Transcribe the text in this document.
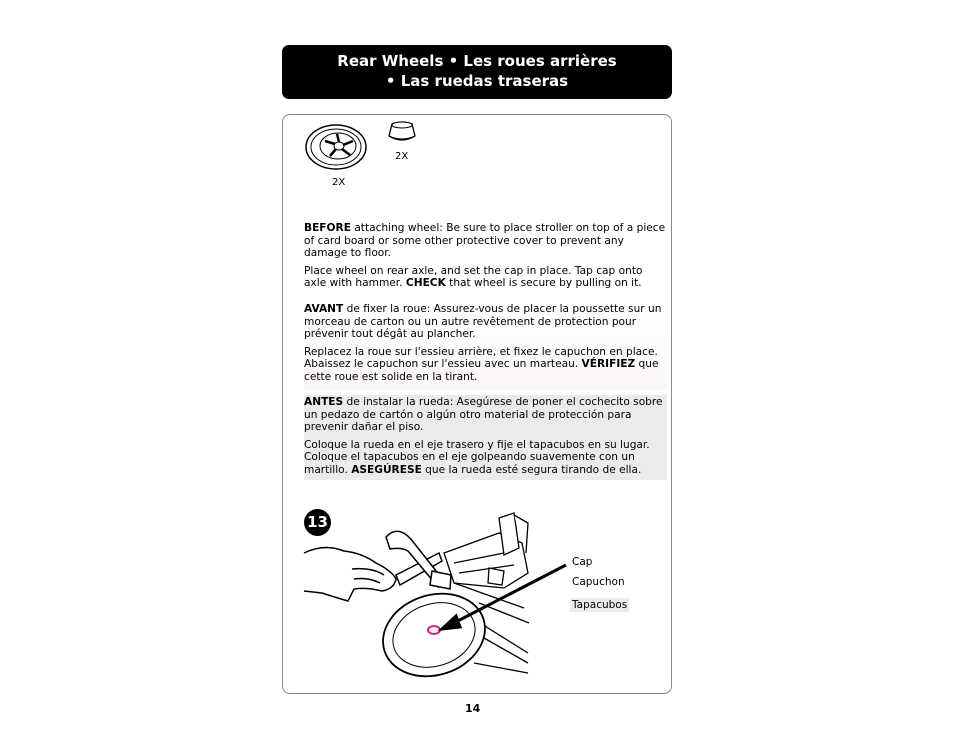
Rear Wheels • Les roues arrières
• Las ruedas traseras
2X
2X

BEFORE attaching wheel: Be sure to place stroller on top of a piece of card board or some other protective cover to prevent any damage to floor.

Place wheel on rear axle, and set the cap in place. Tap cap onto axle with hammer. CHECK that wheel is secure by pulling on it.

AVANT de fixer la roue: Assurez-vous de placer la poussette sur un morceau de carton ou un autre revêtement de protection pour prévenir tout dégât au plancher.

Replacez la roue sur l'essieu arrière, et fixez le capuchon en place. Abaissez le capuchon sur l'essieu avec un marteau. VÉRIFIEZ que cette roue est solide en la tirant.

ANTES de instalar la rueda: Asegúrese de poner el cochecito sobre un pedazo de cartón o algún otro material de protección para prevenir dañar el piso.

Coloque la rueda en el eje trasero y fije el tapacubos en su lugar. Coloque el tapacubos en el eje golpeando suavemente con un martillo. ASEGÚRESE que la rueda esté segura tirando de ella.

13
Cap
Capuchon
Tapacubos
14
